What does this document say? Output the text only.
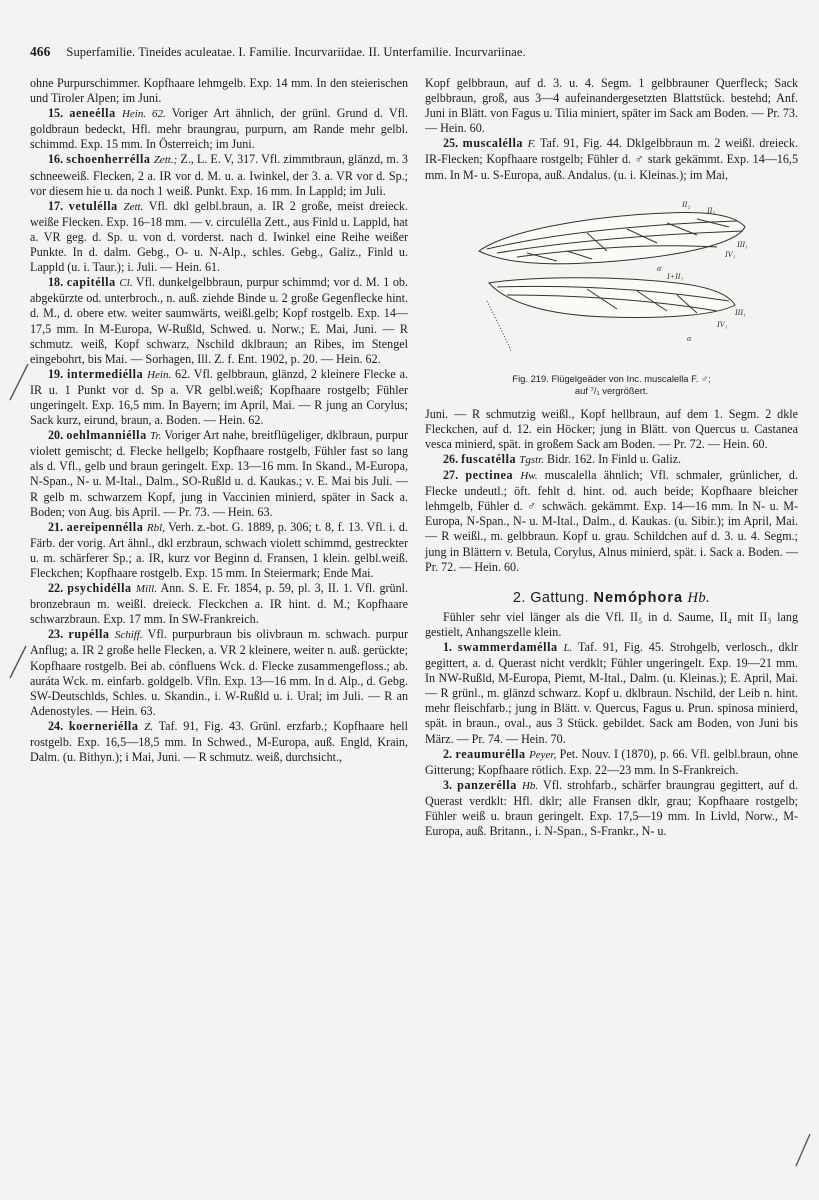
466 Superfamilie. Tineides aculeatae. I. Familie. Incurvariidae. II. Unterfamilie. Incurvariinae.

ohne Purpurschimmer. Kopfhaare lehmgelb. Exp. 14 mm. In den steierischen und Tiroler Alpen; im Juni.

15. aeneélla Hein. 62. Voriger Art ähnlich, der grünl. Grund d. Vfl. goldbraun bedeckt, Hfl. mehr braungrau, purpurn, am Rande mehr gelbl. schimmd. Exp. 15 mm. In Österreich; im Juni.

16. schoenherrélla Zett.; Z., L. E. V, 317. Vfl. zimmtbraun, glänzd, m. 3 schneeweiß. Flecken, 2 a. IR vor d. M. u. a. Iwinkel, der 3. a. VR vor d. Sp.; vor diesem hie u. da noch 1 weiß. Punkt. Exp. 16 mm. In Lappld; im Juli.

17. vetulélla Zett. Vfl. dkl gelbl.braun, a. IR 2 große, meist dreieck. weiße Flecken. Exp. 16–18 mm. — v. circulélla Zett., aus Finld u. Lappld, hat a. VR geg. d. Sp. u. von d. vorderst. nach d. Iwinkel eine Reihe weißer Punkte. In d. dalm. Gebg., O- u. N-Alp., schles. Gebg., Galiz., Finld u. Lappld (u. i. Taur.); i. Juli. — Hein. 61.

18. capitélla Cl. Vfl. dunkelgelbbraun, purpur schimmd; vor d. M. 1 ob. abgekürzte od. unterbroch., n. auß. ziehde Binde u. 2 große Gegenflecke hint. d. M., d. obere etw. weiter saumwärts, weißl.gelb; Kopf rostgelb. Exp. 14—17,5 mm. In M-Europa, W-Rußld, Schwed. u. Norw.; E. Mai, Juni. — R schmutz. weiß, Kopf schwarz, Nschild dklbraun; an Ribes, im Stengel eingebohrt, bis Mai. — Sorhagen, Ill. Z. f. Ent. 1902, p. 20. — Hein. 62.

19. intermediélla Hein. 62. Vfl. gelbbraun, glänzd, 2 kleinere Flecke a. IR u. 1 Punkt vor d. Sp a. VR gelbl.weiß; Kopfhaare rostgelb; Fühler ungeringelt. Exp. 16,5 mm. In Bayern; im April, Mai. — R jung an Corylus; Sack kurz, eirund, braun, a. Boden. — Hein. 62.

20. oehlmanniélla Tr. Voriger Art nahe, breitflügeliger, dklbraun, purpur violett gemischt; d. Flecke hellgelb; Kopfhaare rostgelb, Fühler fast so lang als d. Vfl., gelb und braun geringelt. Exp. 13—16 mm. In Skand., M-Europa, N-Span., N- u. M-Ital., Dalm., SO-Rußld u. d. Kaukas.; v. E. Mai bis Juli. — R gelb m. schwarzem Kopf, jung in Vaccinien minierd, später in Sack a. Boden; von Aug. bis April. — Pr. 73. — Hein. 63.

21. aereipennélla Rbl, Verh. z.-bot. G. 1889, p. 306; t. 8, f. 13. Vfl. i. d. Färb. der vorig. Art ähnl., dkl erzbraun, schwach violett schimmd, gestreckter u. m. schärferer Sp.; a. IR, kurz vor Beginn d. Fransen, 1 klein. gelbl.weiß. Fleckchen; Kopfhaare rostgelb. Exp. 15 mm. In Steiermark; Ende Mai.

22. psychidélla Mill. Ann. S. E. Fr. 1854, p. 59, pl. 3, II. 1. Vfl. grünl. bronzebraun m. weißl. dreieck. Fleckchen a. IR hint. d. M.; Kopfhaare schwarzbraun. Exp. 17 mm. In SW-Frankreich.

23. rupélla Schiff. Vfl. purpurbraun bis olivbraun m. schwach. purpur Anflug; a. IR 2 große helle Flecken, a. VR 2 kleinere, weiter n. auß. gerückte; Kopfhaare rostgelb. Bei ab. cónfluens Wck. d. Flecke zusammengefloss.; ab. auráta Wck. m. einfarb. goldgelb. Vfln. Exp. 13—16 mm. In d. Alp., d. Gebg. SW-Deutschlds, Schles. u. Skandin., i. W-Rußld u. i. Ural; im Juli. — R an Adenostyles. — Hein. 63.

24. koerneriélla Z. Taf. 91, Fig. 43. Grünl. erzfarb.; Kopfhaare hell rostgelb. Exp. 16,5—18,5 mm. In Schwed., M-Europa, auß. Engld, Krain, Dalm. (u. Bithyn.); i Mai, Juni. — R schmutz. weiß, durchsicht.,

Kopf gelbbraun, auf d. 3. u. 4. Segm. 1 gelbbrauner Querfleck; Sack gelbbraun, groß, aus 3—4 aufeinandergesetzten Blattstück. bestehd; Anf. Juni in Blätt. von Fagus u. Tilia miniert, später im Sack am Boden. — Pr. 73. — Hein. 60.

25. muscalélla F. Taf. 91, Fig. 44. Dklgelbbraun m. 2 weißl. dreieck. IR-Flecken; Kopfhaare rostgelb; Fühler d. ♂ stark gekämmt. Exp. 14—16,5 mm. In M- u. S-Europa, auß. Andalus. (u. i. Kleinas.); im Mai,

II₂
II₃
III₁
IV₁
α
I+II₁
III₁
IV₁
α
Fig. 219. Flügelgeäder von Inc. muscalella F. ♂;
auf ⁷/₁ vergrößert.

Juni. — R schmutzig weißl., Kopf hellbraun, auf dem 1. Segm. 2 dkle Fleckchen, auf d. 12. ein Höcker; jung in Blätt. von Quercus u. Castanea vesca minierd, spät. in großem Sack am Boden. — Pr. 72. — Hein. 60.

26. fuscatélla Tgstr. Bidr. 162. In Finld u. Galiz.

27. pectinea Hw. muscalella ähnlich; Vfl. schmaler, grünlicher, d. Flecke undeutl.; öft. fehlt d. hint. od. auch beide; Kopfhaare bleicher lehmgelb, Fühler d. ♂ schwäch. gekämmt. Exp. 14—16 mm. In N- u. M-Europa, N-Span., N- u. M-Ital., Dalm., d. Kaukas. (u. Sibir.); im April, Mai. — R weißl., m. gelbbraun. Kopf u. grau. Schildchen auf d. 3. u. 4. Segm.; jung in Blättern v. Betula, Corylus, Alnus minierd, spät. i. Sack a. Boden. — Pr. 72. — Hein. 60.

2. Gattung. Nemóphora Hb.

Fühler sehr viel länger als die Vfl. II₅ in d. Saume, II₄ mit II₃ lang gestielt, Anhangszelle klein.

1. swammerdamélla L. Taf. 91, Fig. 45. Strohgelb, verlosch., dklr gegittert, a. d. Querast nicht verdklt; Fühler ungeringelt. Exp. 19—21 mm. In NW-Rußld, M-Europa, Piemt, M-Ital., Dalm. (u. Kleinas.); E. April, Mai. — R grünl., m. glänzd schwarz. Kopf u. dklbraun. Nschild, der Leib n. hint. mehr fleischfarb.; jung in Blätt. v. Quercus, Fagus u. Prun. spinosa minierd, spät. in braun., oval., aus 3 Stück. gebildet. Sack am Boden, von Juni bis März. — Pr. 74. — Hein. 70.

2. reaumurélla Peyer, Pet. Nouv. I (1870), p. 66. Vfl. gelbl.braun, ohne Gitterung; Kopfhaare rötlich. Exp. 22—23 mm. In S-Frankreich.

3. panzerélla Hb. Vfl. strohfarb., schärfer braungrau gegittert, auf d. Querast verdklt: Hfl. dklr; alle Fransen dklr, grau; Kopfhaare rostgelb; Fühler weiß u. braun geringelt. Exp. 17,5—19 mm. In Livld, Norw., M-Europa, auß. Britann., i. N-Span., S-Frankr., N- u.
